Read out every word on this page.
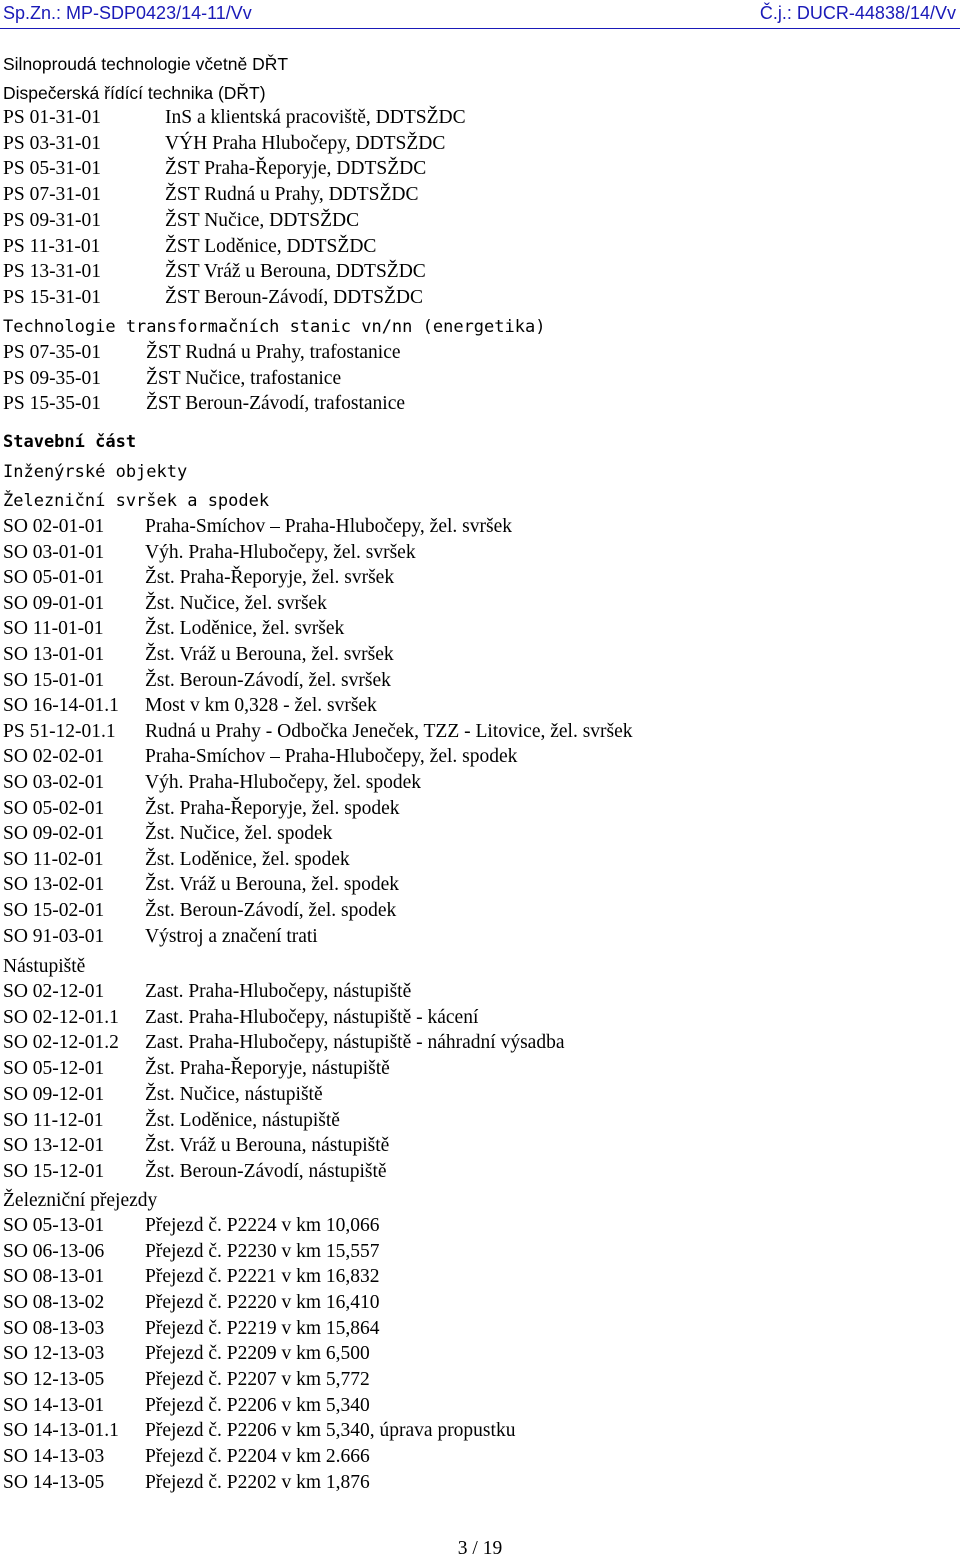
Sp.Zn.: MP-SDP0423/14-11/Vv	Č.j.: DUCR-44838/14/Vv
Silnoproudá technologie včetně DŘT
Dispečerská řídící technika (DŘT)
PS 01-31-01	InS a klientská pracoviště, DDTSŽDC
PS 03-31-01	VÝH Praha Hlubočepy, DDTSŽDC
PS 05-31-01	ŽST Praha-Řeporyje, DDTSŽDC
PS 07-31-01	ŽST Rudná u Prahy, DDTSŽDC
PS 09-31-01	ŽST Nučice, DDTSŽDC
PS 11-31-01	ŽST Loděnice, DDTSŽDC
PS 13-31-01	ŽST Vráž u Berouna, DDTSŽDC
PS 15-31-01	ŽST Beroun-Závodí, DDTSŽDC
Technologie transformačních stanic vn/nn (energetika)
PS 07-35-01 ŽST Rudná u Prahy, trafostanice
PS 09-35-01 ŽST Nučice, trafostanice
PS 15-35-01 ŽST Beroun-Závodí, trafostanice
Stavební část
Inženýrské objekty
Železniční svršek a spodek
SO 02-01-01 Praha-Smíchov – Praha-Hlubočepy, žel. svršek
SO 03-01-01 Výh. Praha-Hlubočepy, žel. svršek
SO 05-01-01 Žst. Praha-Řeporyje, žel. svršek
SO 09-01-01 Žst. Nučice, žel. svršek
SO 11-01-01 Žst. Loděnice, žel. svršek
SO 13-01-01 Žst. Vráž u Berouna, žel. svršek
SO 15-01-01 Žst. Beroun-Závodí, žel. svršek
SO 16-14-01.1 Most v km 0,328 - žel. svršek
PS 51-12-01.1 Rudná u Prahy - Odbočka Jeneček, TZZ - Litovice, žel. svršek
SO 02-02-01 Praha-Smíchov – Praha-Hlubočepy, žel. spodek
SO 03-02-01 Výh. Praha-Hlubočepy, žel. spodek
SO 05-02-01 Žst. Praha-Řeporyje, žel. spodek
SO 09-02-01 Žst. Nučice, žel. spodek
SO 11-02-01 Žst. Loděnice, žel. spodek
SO 13-02-01 Žst. Vráž u Berouna, žel. spodek
SO 15-02-01 Žst. Beroun-Závodí, žel. spodek
SO 91-03-01 Výstroj a značení trati
Nástupiště
SO 02-12-01 Zast. Praha-Hlubočepy, nástupiště
SO 02-12-01.1 Zast. Praha-Hlubočepy, nástupiště - kácení
SO 02-12-01.2 Zast. Praha-Hlubočepy, nástupiště - náhradní výsadba
SO 05-12-01 Žst. Praha-Řeporyje, nástupiště
SO 09-12-01 Žst. Nučice, nástupiště
SO 11-12-01 Žst. Loděnice, nástupiště
SO 13-12-01 Žst. Vráž u Berouna, nástupiště
SO 15-12-01 Žst. Beroun-Závodí, nástupiště
Železniční přejezdy
SO 05-13-01 Přejezd č. P2224 v km 10,066
SO 06-13-06 Přejezd č. P2230 v km 15,557
SO 08-13-01 Přejezd č. P2221 v km 16,832
SO 08-13-02 Přejezd č. P2220 v km 16,410
SO 08-13-03 Přejezd č. P2219 v km 15,864
SO 12-13-03 Přejezd č. P2209 v km 6,500
SO 12-13-05 Přejezd č. P2207 v km 5,772
SO 14-13-01 Přejezd č. P2206 v km 5,340
SO 14-13-01.1 Přejezd č. P2206 v km 5,340, úprava propustku
SO 14-13-03 Přejezd č. P2204 v km 2.666
SO 14-13-05 Přejezd č. P2202 v km 1,876
3 / 19
